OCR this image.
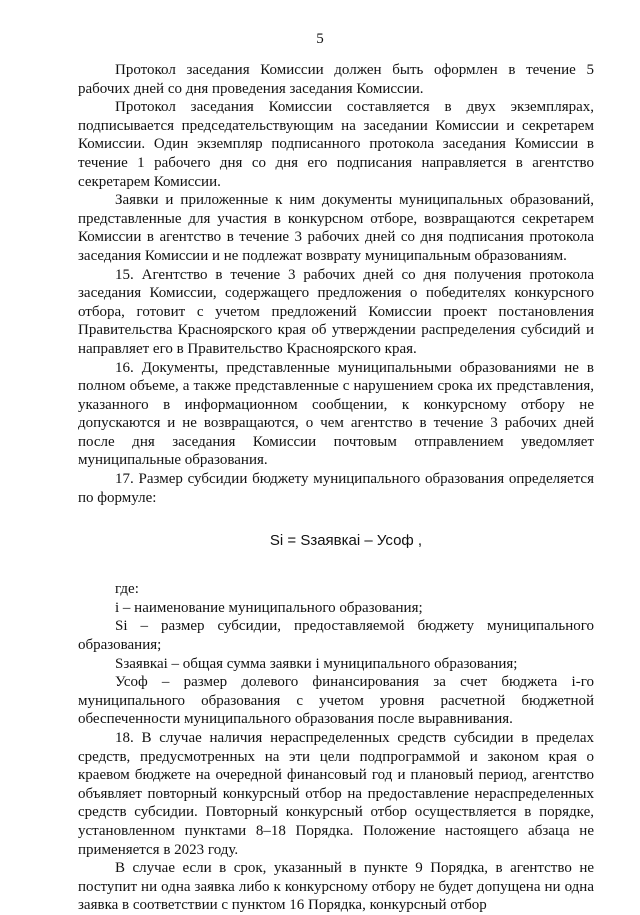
5

Протокол заседания Комиссии должен быть оформлен в течение 5 рабочих дней со дня проведения заседания Комиссии.

Протокол заседания Комиссии составляется в двух экземплярах, подписывается председательствующим на заседании Комиссии и секретарем Комиссии. Один экземпляр подписанного протокола заседания Комиссии в течение 1 рабочего дня со дня его подписания направляется в агентство секретарем Комиссии.

Заявки и приложенные к ним документы муниципальных образований, представленные для участия в конкурсном отборе, возвращаются секретарем Комиссии в агентство в течение 3 рабочих дней со дня подписания протокола заседания Комиссии и не подлежат возврату муниципальным образованиям.

15. Агентство в течение 3 рабочих дней со дня получения протокола заседания Комиссии, содержащего предложения о победителях конкурсного отбора, готовит с учетом предложений Комиссии проект постановления Правительства Красноярского края об утверждении распределения субсидий и направляет его в Правительство Красноярского края.

16. Документы, представленные муниципальными образованиями не в полном объеме, а также представленные с нарушением срока их представления, указанного в информационном сообщении, к конкурсному отбору не допускаются и не возвращаются, о чем агентство в течение 3 рабочих дней после дня заседания Комиссии почтовым отправлением уведомляет муниципальные образования.

17. Размер субсидии бюджету муниципального образования определяется по формуле:

Si = Sзаявкаi – Усоф ,

где:

i – наименование муниципального образования;

Si – размер субсидии, предоставляемой бюджету муниципального образования;

Sзаявкаi – общая сумма заявки i муниципального образования;

Усоф – размер долевого финансирования за счет бюджета i-го муниципального образования с учетом уровня расчетной бюджетной обеспеченности муниципального образования после выравнивания.

18. В случае наличия нераспределенных средств субсидии в пределах средств, предусмотренных на эти цели подпрограммой и законом края о краевом бюджете на очередной финансовый год и плановый период, агентство объявляет повторный конкурсный отбор на предоставление нераспределенных средств субсидии. Повторный конкурсный отбор осуществляется в порядке, установленном пунктами 8–18 Порядка. Положение настоящего абзаца не применяется в 2023 году.

В случае если в срок, указанный в пункте 9 Порядка, в агентство не поступит ни одна заявка либо к конкурсному отбору не будет допущена ни одна заявка в соответствии с пунктом 16 Порядка, конкурсный отбор
